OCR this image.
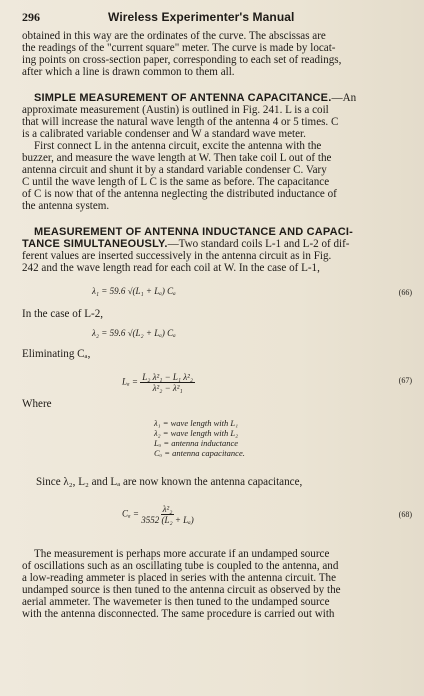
296	Wireless Experimenter's Manual

obtained in this way are the ordinates of the curve. The abscissas are

the readings of the "current square" meter. The curve is made by locat-

ing points on cross-section paper, corresponding to each set of readings,

after which a line is drawn common to them all.

SIMPLE MEASUREMENT OF ANTENNA CAPACITANCE.—An

approximate measurement (Austin) is outlined in Fig. 241. L is a coil

that will increase the natural wave length of the antenna 4 or 5 times. C

is a calibrated variable condenser and W a standard wave meter.

First connect L in the antenna circuit, excite the antenna with the

buzzer, and measure the wave length at W. Then take coil L out of the

antenna circuit and shunt it by a standard variable condenser C. Vary

C until the wave length of L C is the same as before. The capacitance

of C is now that of the antenna neglecting the distributed inductance of

the antenna system.

MEASUREMENT OF ANTENNA INDUCTANCE AND CAPACI-

TANCE SIMULTANEOUSLY.—Two standard coils L-1 and L-2 of dif-

ferent values are inserted successively in the antenna circuit as in Fig.

242 and the wave length read for each coil at W. In the case of L-1,

λ₁ = 59.6 √(L₁ + Lₐ) Cₐ	(66)
In the case of L-2,
λ₂ = 59.6 √(L₂ + Lₐ) Cₐ
Eliminating Cₐ,
$L_a = \frac{\text{L₂ λ²₁ − L₁ λ²₂}}{\text{λ²₂ − λ²₁}}$	(67)
Where
λ₁ = wave length with L₁
λ₂ = wave length with L₂
Lₐ = antenna inductance
Cₐ = antenna capacitance.
Since λ₂, L₂ and Lₐ are now known the antenna capacitance,
$C_a = \frac{\text{λ²₂}}{\text{3552 (L₂ + Lₐ)}}$	(68)

The measurement is perhaps more accurate if an undamped source

of oscillations such as an oscillating tube is coupled to the antenna, and

a low-reading ammeter is placed in series with the antenna circuit. The

undamped source is then tuned to the antenna circuit as observed by the

aerial ammeter. The wavemeter is then tuned to the undamped source

with the antenna disconnected. The same procedure is carried out with
